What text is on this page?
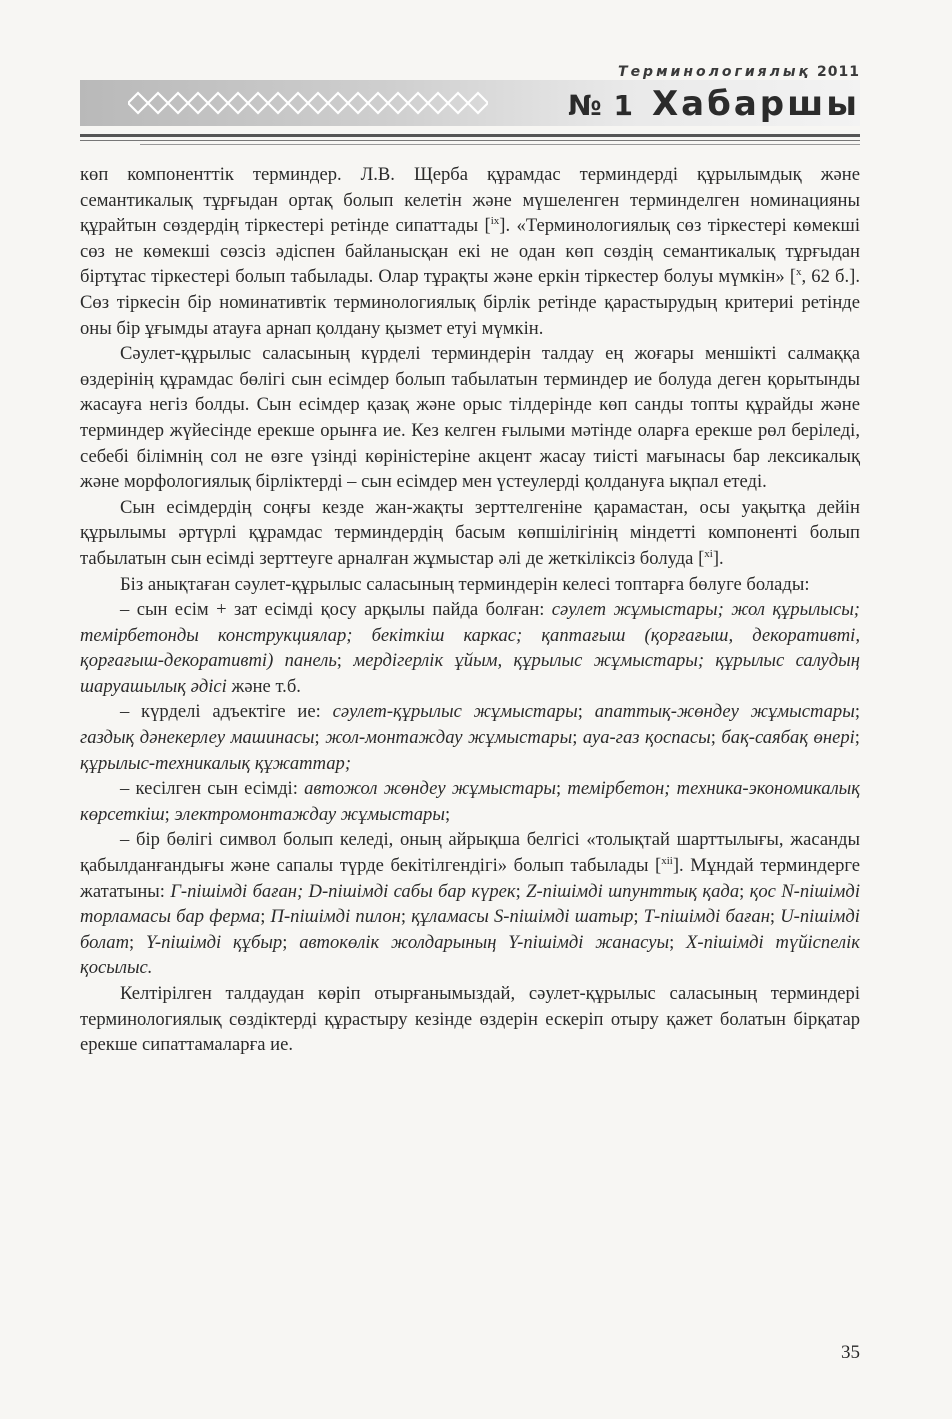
Терминологиялық 2011
№ 1 Хабаршы

көп компоненттік терминдер. Л.В. Щерба құрамдас терминдерді құрылымдық және семантикалық тұрғыдан ортақ болып келетін және мүшеленген терминделген номинацияны құрайтын сөздердің тіркестері ретінде сипаттады [$^{ix}$]. «Терминологиялық сөз тіркестері көмекші сөз не көмекші сөзсіз әдіспен байланысқан екі не одан көп сөздің семантикалық тұрғыдан біртұтас тіркестері болып табылады. Олар тұрақты және еркін тіркестер болуы мүмкін» [$^x$, 62 б.]. Сөз тіркесін бір номинативтік терминологиялық бірлік ретінде қарастырудың критериі ретінде оны бір ұғымды атауға арнап қолдану қызмет етуі мүмкін.

Сәулет-құрылыс саласының күрделі терминдерін талдау ең жоғары меншікті салмаққа өздерінің құрамдас бөлігі сын есімдер болып табылатын терминдер ие болуда деген қорытынды жасауға негіз болды. Сын есімдер қазақ және орыс тілдерінде көп санды топты құрайды және терминдер жүйесінде ерекше орынға ие. Кез келген ғылыми мәтінде оларға ерекше рөл беріледі, себебі білімнің сол не өзге үзінді көріністеріне акцент жасау тиісті мағынасы бар лексикалық және морфологиялық бірліктерді – сын есімдер мен үстеулерді қолдануға ықпал етеді.

Сын есімдердің соңғы кезде жан-жақты зерттелгеніне қарамастан, осы уақытқа дейін құрылымы әртүрлі құрамдас терминдердің басым көпшілігінің міндетті компоненті болып табылатын сын есімді зерттеуге арналған жұмыстар әлі де жеткіліксіз болуда [$^{xi}$].

Біз анықтаған сәулет-құрылыс саласының терминдерін келесі топтарға бөлуге болады:

– сын есім + зат есімді қосу арқылы пайда болған: сәулет жұмыстары; жол құрылысы; темірбетонды конструкциялар; бекіткіш каркас; қаптағыш (қорғағыш, декоративті, қорғағыш-декоративті) панель; мердігерлік ұйым, құрылыс жұмыстары; құрылыс салудың шаруашылық әдісі және т.б.

– күрделі адъектіге ие: сәулет-құрылыс жұмыстары; апаттық-жөндеу жұмыстары; газдық дәнекерлеу машинасы; жол-монтаждау жұмыстары; ауа-газ қоспасы; бақ-саябақ өнері; құрылыс-техникалық құжаттар;

– кесілген сын есімді: автожол жөндеу жұмыстары; темірбетон; техника-экономикалық көрсеткіш; электромонтаждау жұмыстары;

– бір бөлігі символ болып келеді, оның айрықша белгісі «толықтай шарттылығы, жасанды қабылданғандығы және сапалы түрде бекітілгендігі» болып табылады [$^{xii}$]. Мұндай терминдерге жататыны: Г-пішімді баған; D-пішімді сабы бар күрек; Z-пішімді шпунттық қада; қос N-пішімді торламасы бар ферма; П-пішімді пилон; құламасы S-пішімді шатыр; Т-пішімді баған; U-пішімді болат; Y-пішімді құбыр; автокөлік жолдарының Y-пішімді жанасуы; Х-пішімді түйіспелік қосылыс.

Келтірілген талдаудан көріп отырғанымыздай, сәулет-құрылыс саласының терминдері терминологиялық сөздіктерді құрастыру кезінде өздерін ескеріп отыру қажет болатын бірқатар ерекше сипаттамаларға ие.

35
